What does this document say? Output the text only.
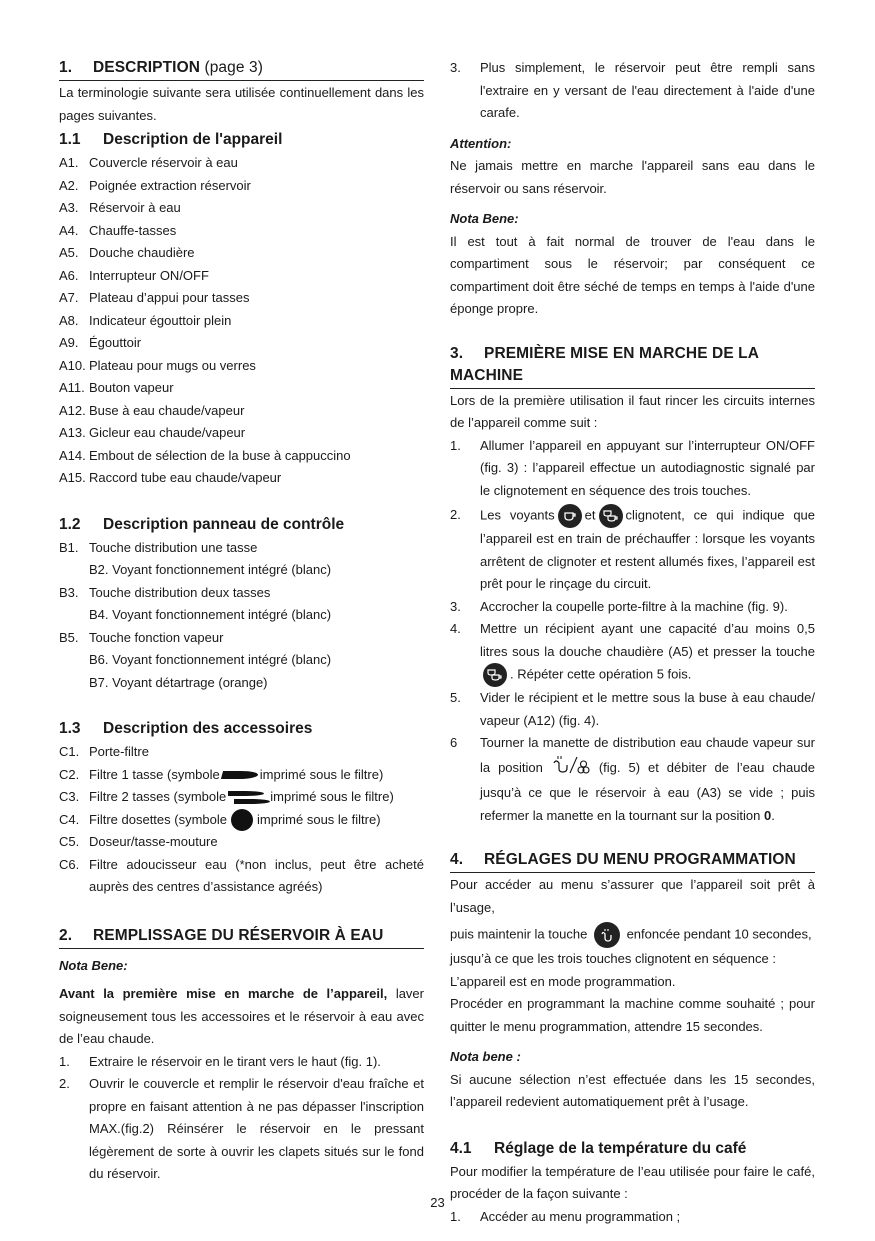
1. DESCRIPTION (page 3)

La terminologie suivante sera utilisée continuellement dans les pages suivantes.

1.1 Description de l'appareil
A1. Couvercle réservoir à eau
A2. Poignée extraction réservoir
A3. Réservoir à eau
A4. Chauffe-tasses
A5. Douche chaudière
A6. Interrupteur ON/OFF
A7. Plateau d’appui pour tasses
A8. Indicateur égouttoir plein
A9. Égouttoir
A10. Plateau pour mugs ou verres
A11. Bouton vapeur
A12. Buse à eau chaude/vapeur
A13. Gicleur eau chaude/vapeur
A14. Embout de sélection de la buse à cappuccino
A15. Raccord tube eau chaude/vapeur
1.2 Description panneau de contrôle
B1. Touche distribution une tasse
B2. Voyant fonctionnement intégré (blanc)
B3. Touche distribution deux tasses
B4. Voyant fonctionnement intégré (blanc)
B5. Touche fonction vapeur
B6. Voyant fonctionnement intégré (blanc)
B7. Voyant détartrage (orange)
1.3 Description des accessoires
C1. Porte-filtre
C2. Filtre 1 tasse (symbole	imprimé sous le filtre)
C3. Filtre 2 tasses (symbole	imprimé sous le filtre)
C4. Filtre dosettes (symbole imprimé sous le filtre)
C5. Doseur/tasse-mouture
C6. Filtre adoucisseur eau (*non inclus, peut être acheté auprès des centres d’assistance agréés)
2. REMPLISSAGE DU RÉSERVOIR À EAU

Nota Bene:

Avant la première mise en marche de l’appareil, laver soigneusement tous les accessoires et le réservoir à eau avec de l’eau chaude.

1. Extraire le réservoir en le tirant vers le haut (fig. 1).
2. Ouvrir le couvercle et remplir le réservoir d'eau fraîche et propre en faisant attention à ne pas dépasser l'inscription MAX.(fig.2) Réinsérer le réservoir en le pressant légèrement de sorte à ouvrir les clapets situés sur le fond du réservoir.
3. Plus simplement, le réservoir peut être rempli sans l'extraire en y versant de l'eau directement à l'aide d'une carafe.

Attention:

Ne jamais mettre en marche l'appareil sans eau dans le réservoir ou sans réservoir.

Nota Bene:

Il est tout à fait normal de trouver de l'eau dans le compartiment sous le réservoir; par conséquent ce compartiment doit être séché de temps en temps à l'aide d'une éponge propre.

3. PREMIÈRE MISE EN MARCHE DE LA MACHINE

Lors de la première utilisation il faut rincer les circuits internes de l’appareil comme suit :

1. Allumer l’appareil en appuyant sur l’interrupteur ON/OFF (fig. 3) : l’appareil effectue un autodiagnostic signalé par le clignotement en séquence des trois touches.
2. Les voyants et clignotent, ce qui indique que l’appareil est en train de préchauffer : lorsque les voyants arrêtent de clignoter et restent allumés fixes, l’appareil est prêt pour le rinçage du circuit.
3. Accrocher la coupelle porte-filtre à la machine (fig. 9).
4. Mettre un récipient ayant une capacité d’au moins 0,5 litres sous la douche chaudière (A5) et presser la touche
. Répéter cette opération 5 fois.
5. Vider le récipient et le mettre sous la buse à eau chaude/ vapeur (A12) (fig. 4).
6 Tourner la manette de distribution eau chaude vapeur sur la position	(fig. 5) et débiter de l’eau chaude jusqu’à ce que le réservoir à eau (A3) se vide ; puis refermer la manette en la tournant sur la position 0.
4. RÉGLAGES DU MENU PROGRAMMATION

Pour accéder au menu s’assurer que l’appareil soit prêt à l’usage,

puis maintenir la touche	enfoncée pendant 10 secondes,

jusqu’à ce que les trois touches clignotent en séquence :

L’appareil est en mode programmation.

Procéder en programmant la machine comme souhaité ; pour quitter le menu programmation, attendre 15 secondes.

Nota bene :

Si aucune sélection n’est effectuée dans les 15 secondes, l’appareil redevient automatiquement prêt à l’usage.

4.1 Réglage de la température du café

Pour modifier la température de l’eau utilisée pour faire le café, procéder de la façon suivante :

1. Accéder au menu programmation ;
23
